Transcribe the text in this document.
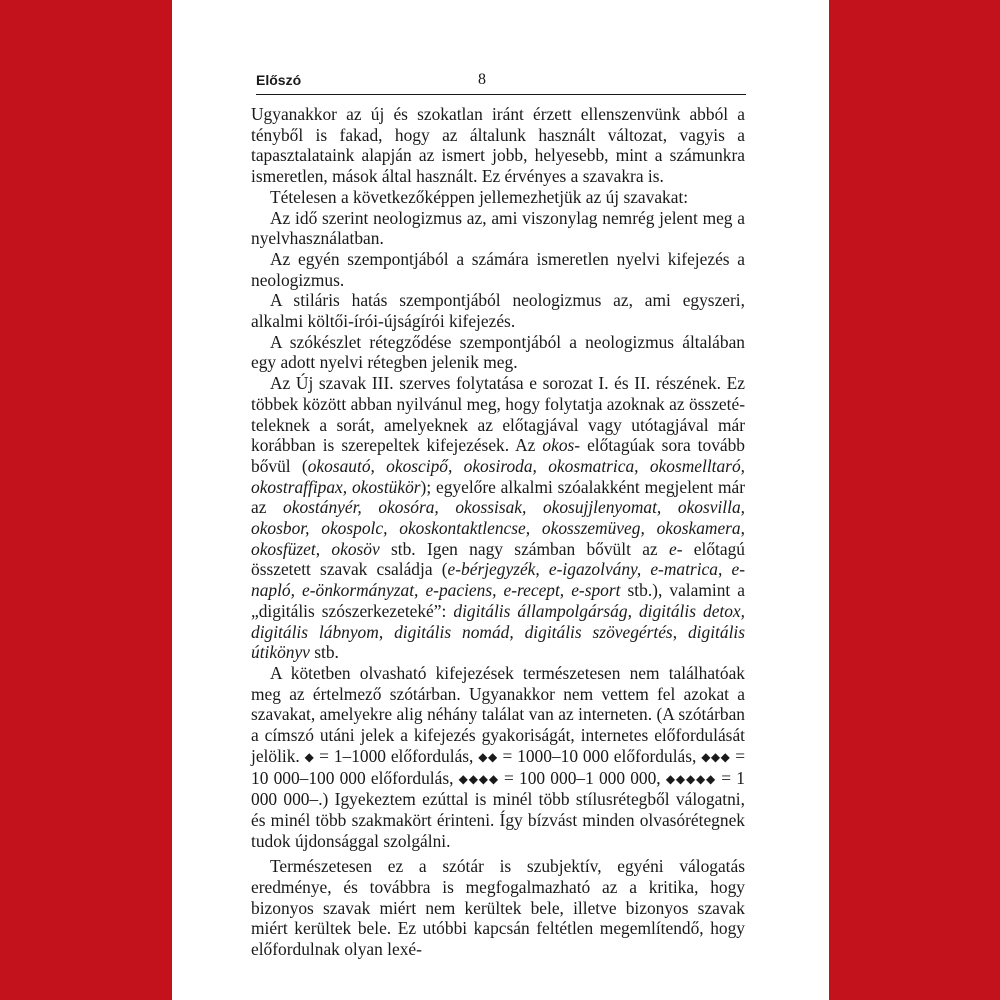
Előszó	8

Ugyanakkor az új és szokatlan iránt érzett ellenszenvünk abból a tényből is fakad, hogy az általunk használt változat, vagyis a tapasztalataink alapján az ismert jobb, helyesebb, mint a számunkra ismeretlen, mások által használt. Ez érvényes a szavakra is.

Tételesen a következőképpen jellemezhetjük az új szavakat:

Az idő szerint neologizmus az, ami viszonylag nemrég jelent meg a nyelvhasználatban.

Az egyén szempontjából a számára ismeretlen nyelvi kifejezés a neologizmus.

A stiláris hatás szempontjából neologizmus az, ami egyszeri, alkalmi költői-írói-újságírói kifejezés.

A szókészlet rétegződése szempontjából a neologizmus általában egy adott nyelvi rétegben jelenik meg.

Az Új szavak III. szerves folytatása e sorozat I. és II. részének. Ez többek között abban nyilvánul meg, hogy folytatja azoknak az összetételeknek a sorát, amelyeknek az előtagjával vagy utótagjával már korábban is szerepeltek kifejezések. Az okos- előtagúak sora tovább bővül (okosautó, okoscipő, okosiroda, okosmatrica, okosmelltaró, okostraffipax, okostükör); egyelőre alkalmi szóalakként megjelent már az okostányér, okosóra, okossisak, okosujjlenyomat, okosvilla, okosbor, okospolc, okoskontaktlencse, okosszemüveg, okoskamera, okosfüzet, okosöv stb. Igen nagy számban bővült az e- előtagú összetett szavak családja (e-bérjegyzék, e-igazolvány, e-matrica, e-napló, e-önkormányzat, e-paciens, e-recept, e-sport stb.), valamint a „digitális szószerkezeteké”: digitális állampolgárság, digitális detox, digitális lábnyom, digitális nomád, digitális szövegértés, digitális útikönyv stb.

A kötetben olvasható kifejezések természetesen nem találhatóak meg az értelmező szótárban. Ugyanakkor nem vettem fel azokat a szavakat, amelyekre alig néhány találat van az interneten. (A szótárban a címszó utáni jelek a kifejezés gyakoriságát, internetes előfordulását jelölik. ◆ = 1–1000 előfordulás, ◆◆ = 1000–10 000 előfordulás, ◆◆◆ = 10 000–100 000 előfordulás, ◆◆◆◆ = 100 000–1 000 000, ◆◆◆◆◆ = 1 000 000–.) Igyekeztem ezúttal is minél több stílusrétegből válogatni, és minél több szakmakört érinteni. Így bízvást minden olvasórétegnek tudok újdonsággal szolgálni.

Természetesen ez a szótár is szubjektív, egyéni válogatás eredménye, és továbbra is megfogalmazható az a kritika, hogy bizonyos szavak miért nem kerültek bele, illetve bizonyos szavak miért kerültek bele. Ez utóbbi kapcsán feltétlen megemlítendő, hogy előfordulnak olyan lexé-
